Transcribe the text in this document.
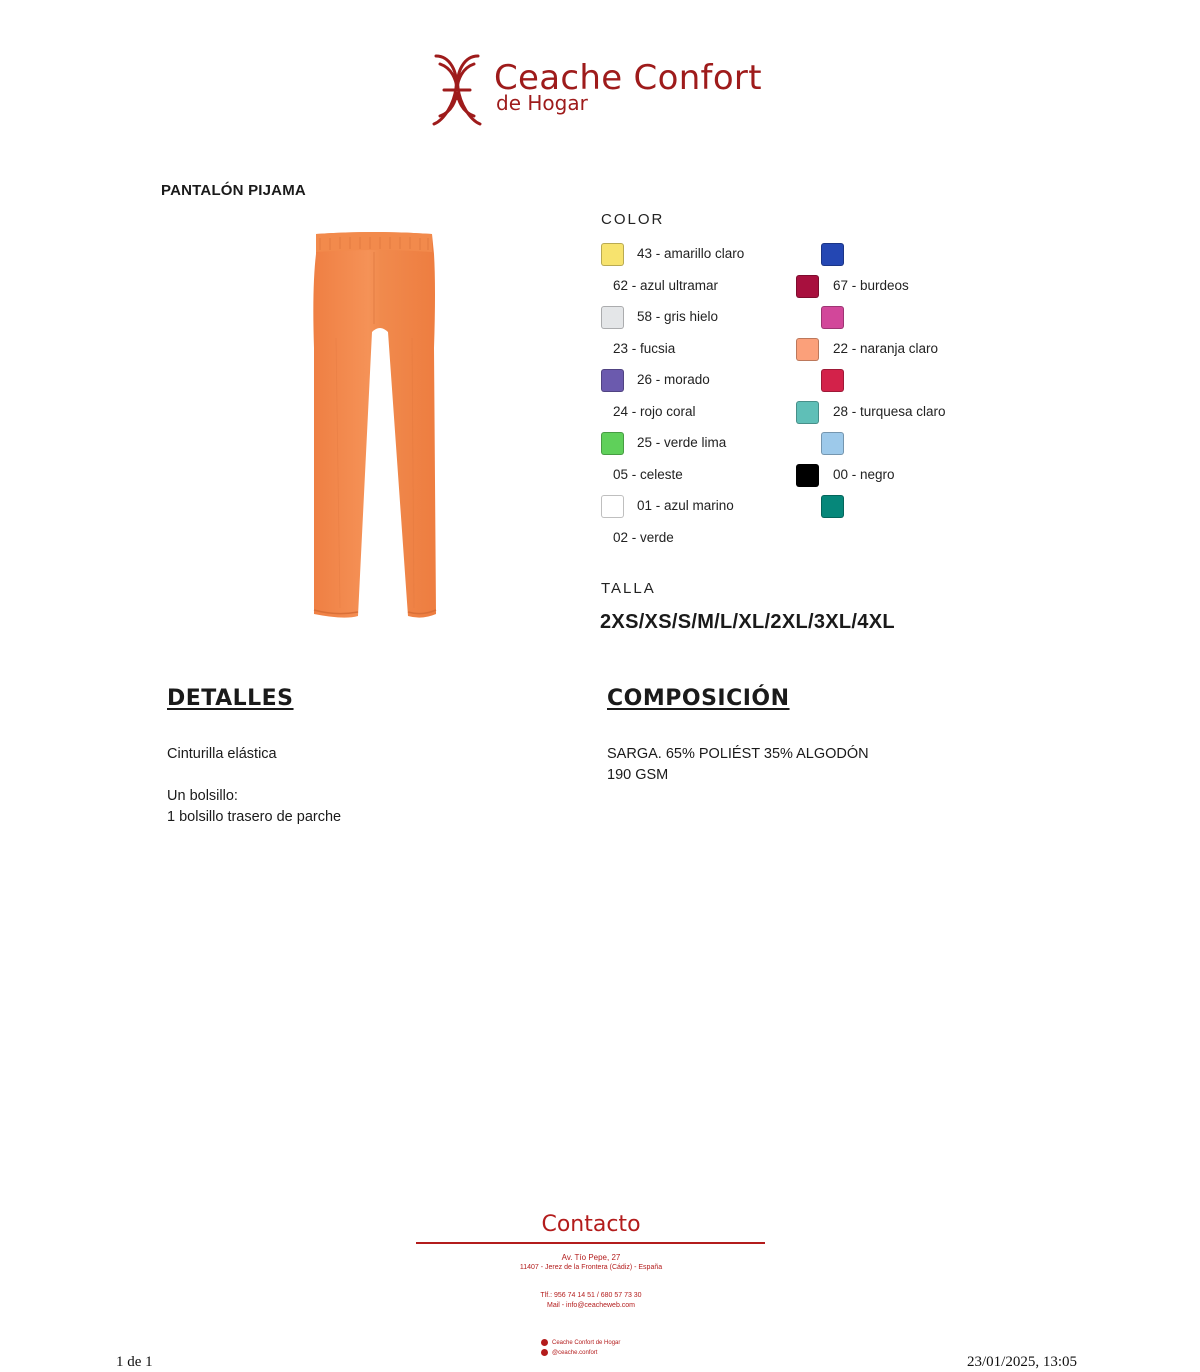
Ceache Confort
de Hogar
PANTALÓN PIJAMA
COLOR
43 - amarillo claro
62 - azul ultramar
58 - gris hielo
23 - fucsia
26 - morado
24 - rojo coral
25 - verde lima
05 - celeste
01 - azul marino
02 - verde
67 - burdeos
22 - naranja claro
28 - turquesa claro
00 - negro
TALLA
2XS/XS/S/M/L/XL/2XL/3XL/4XL
DETALLES
Cinturilla elástica
Un bolsillo:
1 bolsillo trasero de parche
COMPOSICIÓN
SARGA. 65% POLIÉST 35% ALGODÓN
190 GSM
Contacto
Av. Tío Pepe, 27
11407 - Jerez de la Frontera (Cádiz) - España
Tlf.: 956 74 14 51 / 680 57 73 30
Mail - info@ceacheweb.com
Ceache Confort de Hogar
@ceache.confort
1 de 1	23/01/2025, 13:05
